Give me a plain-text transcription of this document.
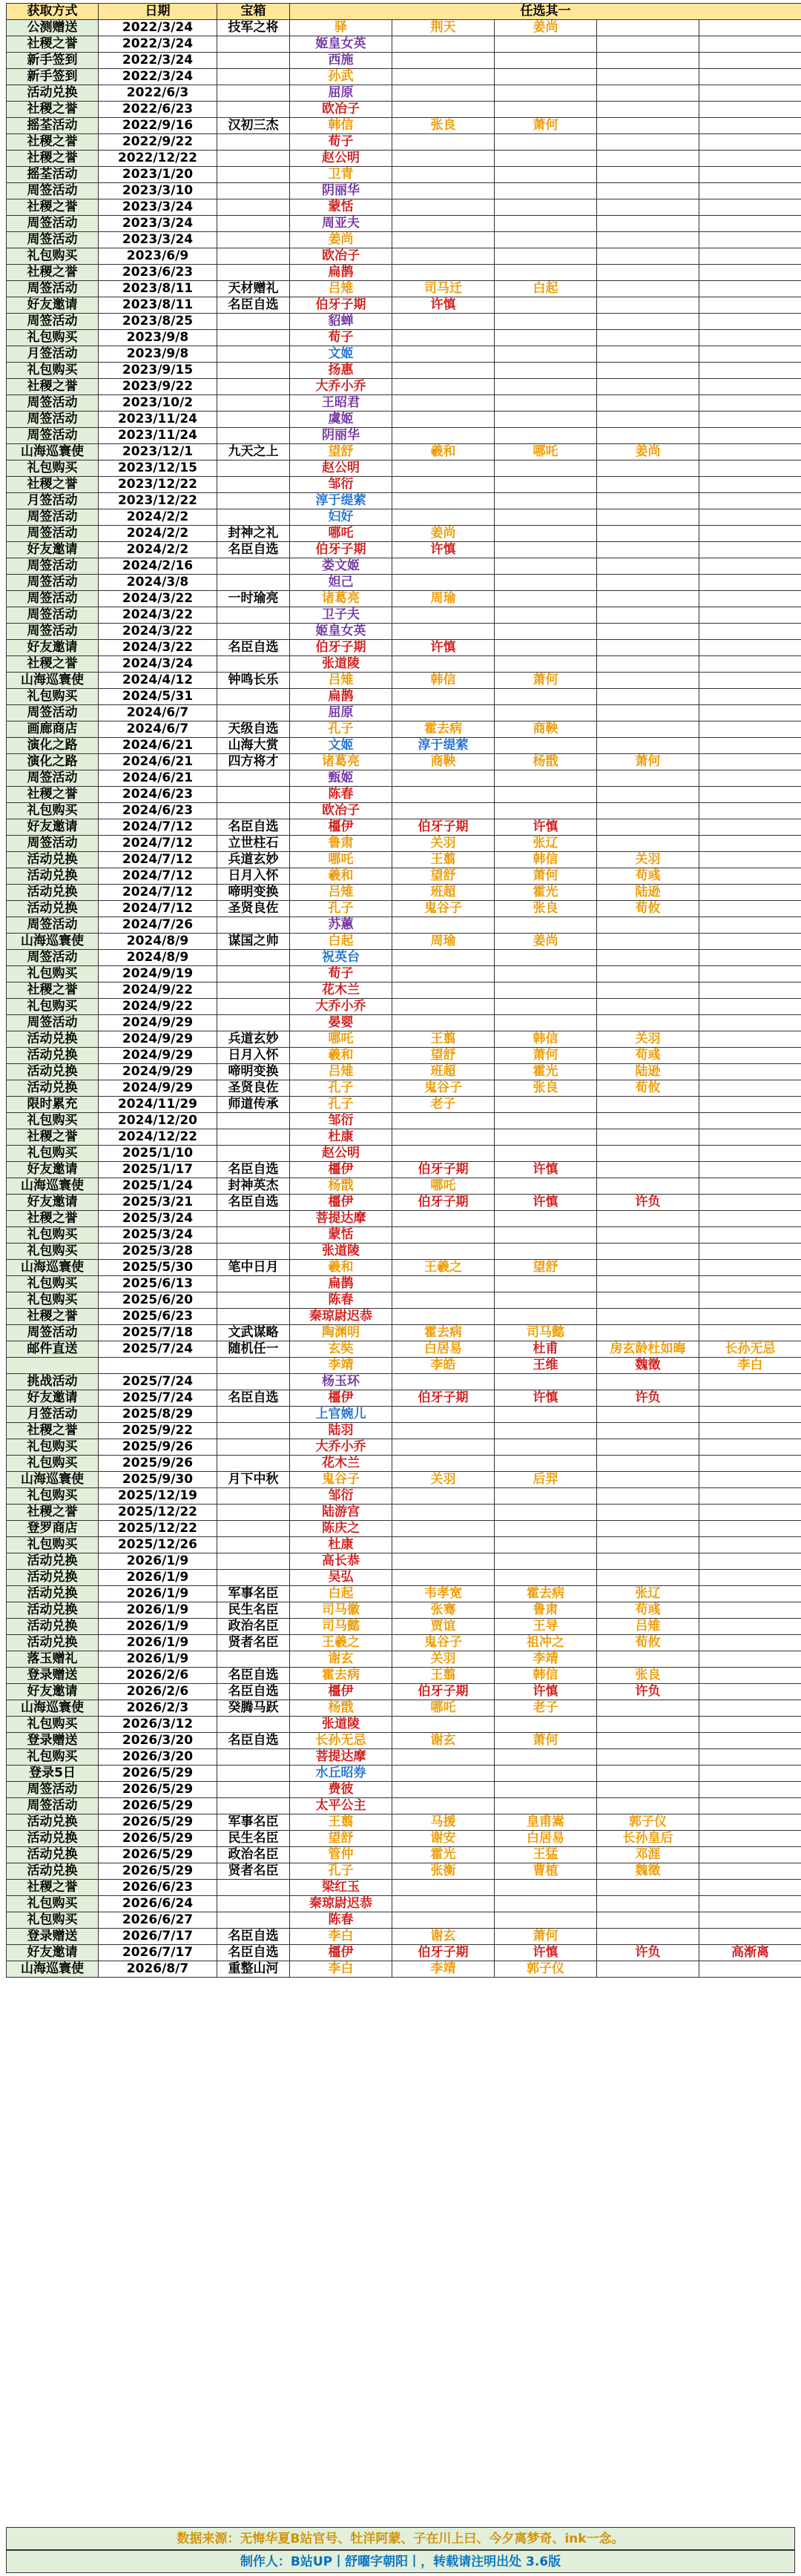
获取方式	日期	宝箱	任选其一				
公测赠送	2022/3/24	技军之将	驿	荆天	姜尚		
社稷之誉	2022/3/24		姬皇女英				
新手签到	2022/3/24		西施				
新手签到	2022/3/24		孙武				
活动兑换	2022/6/3		屈原				
社稷之誉	2022/6/23		欧冶子				
摇荃活动	2022/9/16	汉初三杰	韩信	张良	萧何		
社稷之誉	2022/9/22		荀子				
社稷之誉	2022/12/22		赵公明				
摇荃活动	2023/1/20		卫青				
周签活动	2023/3/10		阴丽华				
社稷之誉	2023/3/24		蒙恬				
周签活动	2023/3/24		周亚夫				
周签活动	2023/3/24		姜尚				
礼包购买	2023/6/9		欧冶子				
社稷之誉	2023/6/23		扁鹊				
周签活动	2023/8/11	天材赠礼	吕雉	司马迁	白起		
好友邀请	2023/8/11	名臣自选	伯牙子期	许慎			
周签活动	2023/8/25		貂蝉				
礼包购买	2023/9/8		荀子				
月签活动	2023/9/8		文姬				
礼包购买	2023/9/15		扬惠				
社稷之誉	2023/9/22		大乔小乔				
周签活动	2023/10/2		王昭君				
周签活动	2023/11/24		虞姬				
周签活动	2023/11/24		阴丽华				
山海巡寰使	2023/12/1	九天之上	望舒	羲和	哪吒	姜尚	
礼包购买	2023/12/15		赵公明				
社稷之誉	2023/12/22		邹衍				
月签活动	2023/12/22		淳于缇萦				
周签活动	2024/2/2		妇好				
周签活动	2024/2/2	封神之礼	哪吒	姜尚			
好友邀请	2024/2/2	名臣自选	伯牙子期	许慎			
周签活动	2024/2/16		娄文姬				
周签活动	2024/3/8		妲己				
周签活动	2024/3/22	一时瑜亮	诸葛亮	周瑜			
周签活动	2024/3/22		卫子夫				
周签活动	2024/3/22		姬皇女英				
好友邀请	2024/3/22	名臣自选	伯牙子期	许慎			
社稷之誉	2024/3/24		张道陵				
山海巡寰使	2024/4/12	钟鸣长乐	吕雉	韩信	萧何		
礼包购买	2024/5/31		扁鹊				
周签活动	2024/6/7		屈原				
画廊商店	2024/6/7	天级自选	孔子	霍去病	商鞅		
演化之路	2024/6/21	山海大赏	文姬	淳于缇萦			
演化之路	2024/6/21	四方将才	诸葛亮	商鞅	杨戬	萧何	
周签活动	2024/6/21		甄姬				
社稷之誉	2024/6/23		陈春				
礼包购买	2024/6/23		欧冶子				
好友邀请	2024/7/12	名臣自选	橿伊	伯牙子期	许慎		
周签活动	2024/7/12	立世柱石	鲁肃	关羽	张辽		
活动兑换	2024/7/12	兵道玄妙	哪吒	王翦	韩信	关羽	
活动兑换	2024/7/12	日月入怀	羲和	望舒	萧何	苟彧	
活动兑换	2024/7/12	啼明变换	吕雉	班超	霍光	陆逊	
活动兑换	2024/7/12	圣贤良佐	孔子	鬼谷子	张良	荀攸	
周签活动	2024/7/26		苏蕙				
山海巡寰使	2024/8/9	谋国之帅	白起	周瑜	姜尚		
周签活动	2024/8/9		祝英台				
礼包购买	2024/9/19		荀子				
社稷之誉	2024/9/22		花木兰				
礼包购买	2024/9/22		大乔小乔				
周签活动	2024/9/29		晏婴				
活动兑换	2024/9/29	兵道玄妙	哪吒	王翦	韩信	关羽	
活动兑换	2024/9/29	日月入怀	羲和	望舒	萧何	苟彧	
活动兑换	2024/9/29	啼明变换	吕雉	班超	霍光	陆逊	
活动兑换	2024/9/29	圣贤良佐	孔子	鬼谷子	张良	荀攸	
限时累充	2024/11/29	师道传承	孔子	老子			
礼包购买	2024/12/20		邹衍				
社稷之誉	2024/12/22		杜康				
礼包购买	2025/1/10		赵公明				
好友邀请	2025/1/17	名臣自选	橿伊	伯牙子期	许慎		
山海巡寰使	2025/1/24	封神英杰	杨戬	哪吒			
好友邀请	2025/3/21	名臣自选	橿伊	伯牙子期	许慎	许负	
社稷之誉	2025/3/24		菩提达摩				
礼包购买	2025/3/24		蒙恬				
礼包购买	2025/3/28		张道陵				
山海巡寰使	2025/5/30	笔中日月	羲和	王羲之	望舒		
礼包购买	2025/6/13		扁鹊				
礼包购买	2025/6/20		陈春				
社稷之誉	2025/6/23		秦琼尉迟恭				
周签活动	2025/7/18	文武谋略	陶渊明	霍去病	司马懿		
邮件直送	2025/7/24	随机任一	玄奘	白居易	杜甫	房玄龄杜如晦	长孙无忌
			李靖	李皓	王维	魏徵	李白
挑战活动	2025/7/24		杨玉环				
好友邀请	2025/7/24	名臣自选	橿伊	伯牙子期	许慎	许负	
月签活动	2025/8/29		上官婉儿				
社稷之誉	2025/9/22		陆羽				
礼包购买	2025/9/26		大乔小乔				
礼包购买	2025/9/26		花木兰				
山海巡寰使	2025/9/30	月下中秋	鬼谷子	关羽	后羿		
礼包购买	2025/12/19		邹衍				
社稷之誉	2025/12/22		陆游宫				
登罗商店	2025/12/22		陈庆之				
礼包购买	2025/12/26		杜康				
活动兑换	2026/1/9		高长恭				
活动兑换	2026/1/9		吴弘				
活动兑换	2026/1/9	军事名臣	白起	韦孝宽	霍去病	张辽	
活动兑换	2026/1/9	民生名臣	司马徽	张骞	鲁肃	苟彧	
活动兑换	2026/1/9	政治名臣	司马懿	贾谊	王导	吕雉	
活动兑换	2026/1/9	贤者名臣	王羲之	鬼谷子	祖冲之	荀攸	
落玉赠礼	2026/1/9		谢玄	关羽	李靖		
登录赠送	2026/2/6	名臣自选	霍去病	王翦	韩信	张良	
好友邀请	2026/2/6	名臣自选	橿伊	伯牙子期	许慎	许负	
山海巡寰使	2026/2/3	癸腾马跃	杨戬	哪吒	老子		
礼包购买	2026/3/12		张道陵				
登录赠送	2026/3/20	名臣自选	长孙无忌	谢玄	萧何		
礼包购买	2026/3/20		菩提达摩				
登录5日	2026/5/29		水丘昭券				
周签活动	2026/5/29		费彼				
周签活动	2026/5/29		太平公主				
活动兑换	2026/5/29	军事名臣	王翦	马援	皇甫嵩	郭子仪	
活动兑换	2026/5/29	民生名臣	望舒	谢安	白居易	长孙皇后	
活动兑换	2026/5/29	政治名臣	管仲	霍光	王猛	邓涯	
活动兑换	2026/5/29	贤者名臣	孔子	张衡	曹植	魏徵	
社稷之誉	2026/6/23		梁红玉				
礼包购买	2026/6/24		秦琼尉迟恭				
礼包购买	2026/6/27		陈春				
登录赠送	2026/7/17	名臣自选	李白	谢玄	萧何		
好友邀请	2026/7/17	名臣自选	橿伊	伯牙子期	许慎	许负	高渐离
山海巡寰使	2026/8/7	重整山河	李白	李靖	郭子仪		
数据来源：无悔华夏B站官号、牡洋阿蒙、子在川上曰、今夕离梦奇、ink一念。
制作人：B站UP丨舒曜字朝阳丨，转载请注明出处 3.6版
